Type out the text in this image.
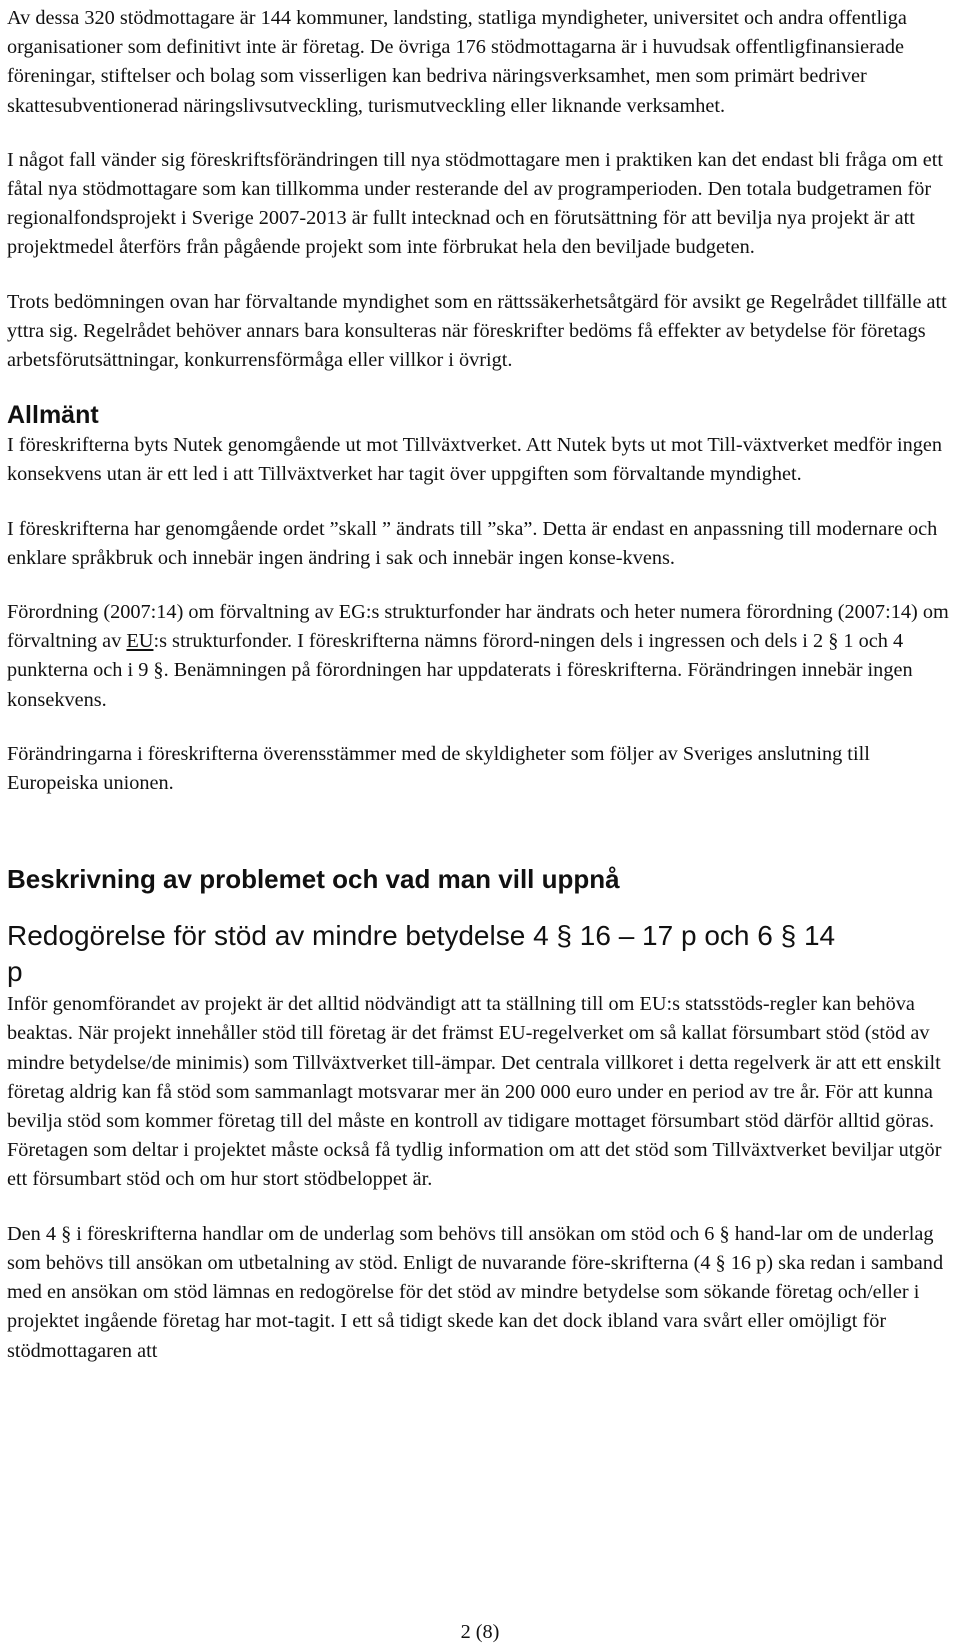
Av dessa 320 stödmottagare är 144 kommuner, landsting, statliga myndigheter, universitet och andra offentliga organisationer som definitivt inte är företag. De övriga 176 stödmottagarna är i huvudsak offentligfinansierade föreningar, stiftelser och bolag som visserligen kan bedriva näringsverksamhet, men som primärt bedriver skattesubventionerad näringslivsutveckling, turismutveckling eller liknande verksamhet.

I något fall vänder sig föreskriftsförändringen till nya stödmottagare men i praktiken kan det endast bli fråga om ett fåtal nya stödmottagare som kan tillkomma under resterande del av programperioden. Den totala budgetramen för regionalfondsprojekt i Sverige 2007-2013 är fullt intecknad och en förutsättning för att bevilja nya projekt är att projektmedel återförs från pågående projekt som inte förbrukat hela den beviljade budgeten.

Trots bedömningen ovan har förvaltande myndighet som en rättssäkerhetsåtgärd för avsikt ge Regelrådet tillfälle att yttra sig. Regelrådet behöver annars bara konsulteras när föreskrifter bedöms få effekter av betydelse för företags arbetsförutsättningar, konkurrensförmåga eller villkor i övrigt.

Allmänt

I föreskrifterna byts Nutek genomgående ut mot Tillväxtverket. Att Nutek byts ut mot Till-växtverket medför ingen konsekvens utan är ett led i att Tillväxtverket har tagit över uppgiften som förvaltande myndighet.

I föreskrifterna har genomgående ordet ”skall ” ändrats till ”ska”. Detta är endast en anpassning till modernare och enklare språkbruk och innebär ingen ändring i sak och innebär ingen konse-kvens.

Förordning (2007:14) om förvaltning av EG:s strukturfonder har ändrats och heter numera förordning (2007:14) om förvaltning av EU:s strukturfonder. I föreskrifterna nämns förord-ningen dels i ingressen och dels i 2 § 1 och 4 punkterna och i 9 §. Benämningen på förordningen har uppdaterats i föreskrifterna. Förändringen innebär ingen konsekvens.

Förändringarna i föreskrifterna överensstämmer med de skyldigheter som följer av Sveriges anslutning till Europeiska unionen.

Beskrivning av problemet och vad man vill uppnå
Redogörelse för stöd av mindre betydelse 4 § 16 – 17 p och 6 § 14 p

Inför genomförandet av projekt är det alltid nödvändigt att ta ställning till om EU:s statsstöds-regler kan behöva beaktas. När projekt innehåller stöd till företag är det främst EU-regelverket om så kallat försumbart stöd (stöd av mindre betydelse/de minimis) som Tillväxtverket till-ämpar. Det centrala villkoret i detta regelverk är att ett enskilt företag aldrig kan få stöd som sammanlagt motsvarar mer än 200 000 euro under en period av tre år. För att kunna bevilja stöd som kommer företag till del måste en kontroll av tidigare mottaget försumbart stöd därför alltid göras. Företagen som deltar i projektet måste också få tydlig information om att det stöd som Tillväxtverket beviljar utgör ett försumbart stöd och om hur stort stödbeloppet är.

Den 4 § i föreskrifterna handlar om de underlag som behövs till ansökan om stöd och 6 § hand-lar om de underlag som behövs till ansökan om utbetalning av stöd. Enligt de nuvarande före-skrifterna (4 § 16 p) ska redan i samband med en ansökan om stöd lämnas en redogörelse för det stöd av mindre betydelse som sökande företag och/eller i projektet ingående företag har mot-tagit. I ett så tidigt skede kan det dock ibland vara svårt eller omöjligt för stödmottagaren att

2 (8)
